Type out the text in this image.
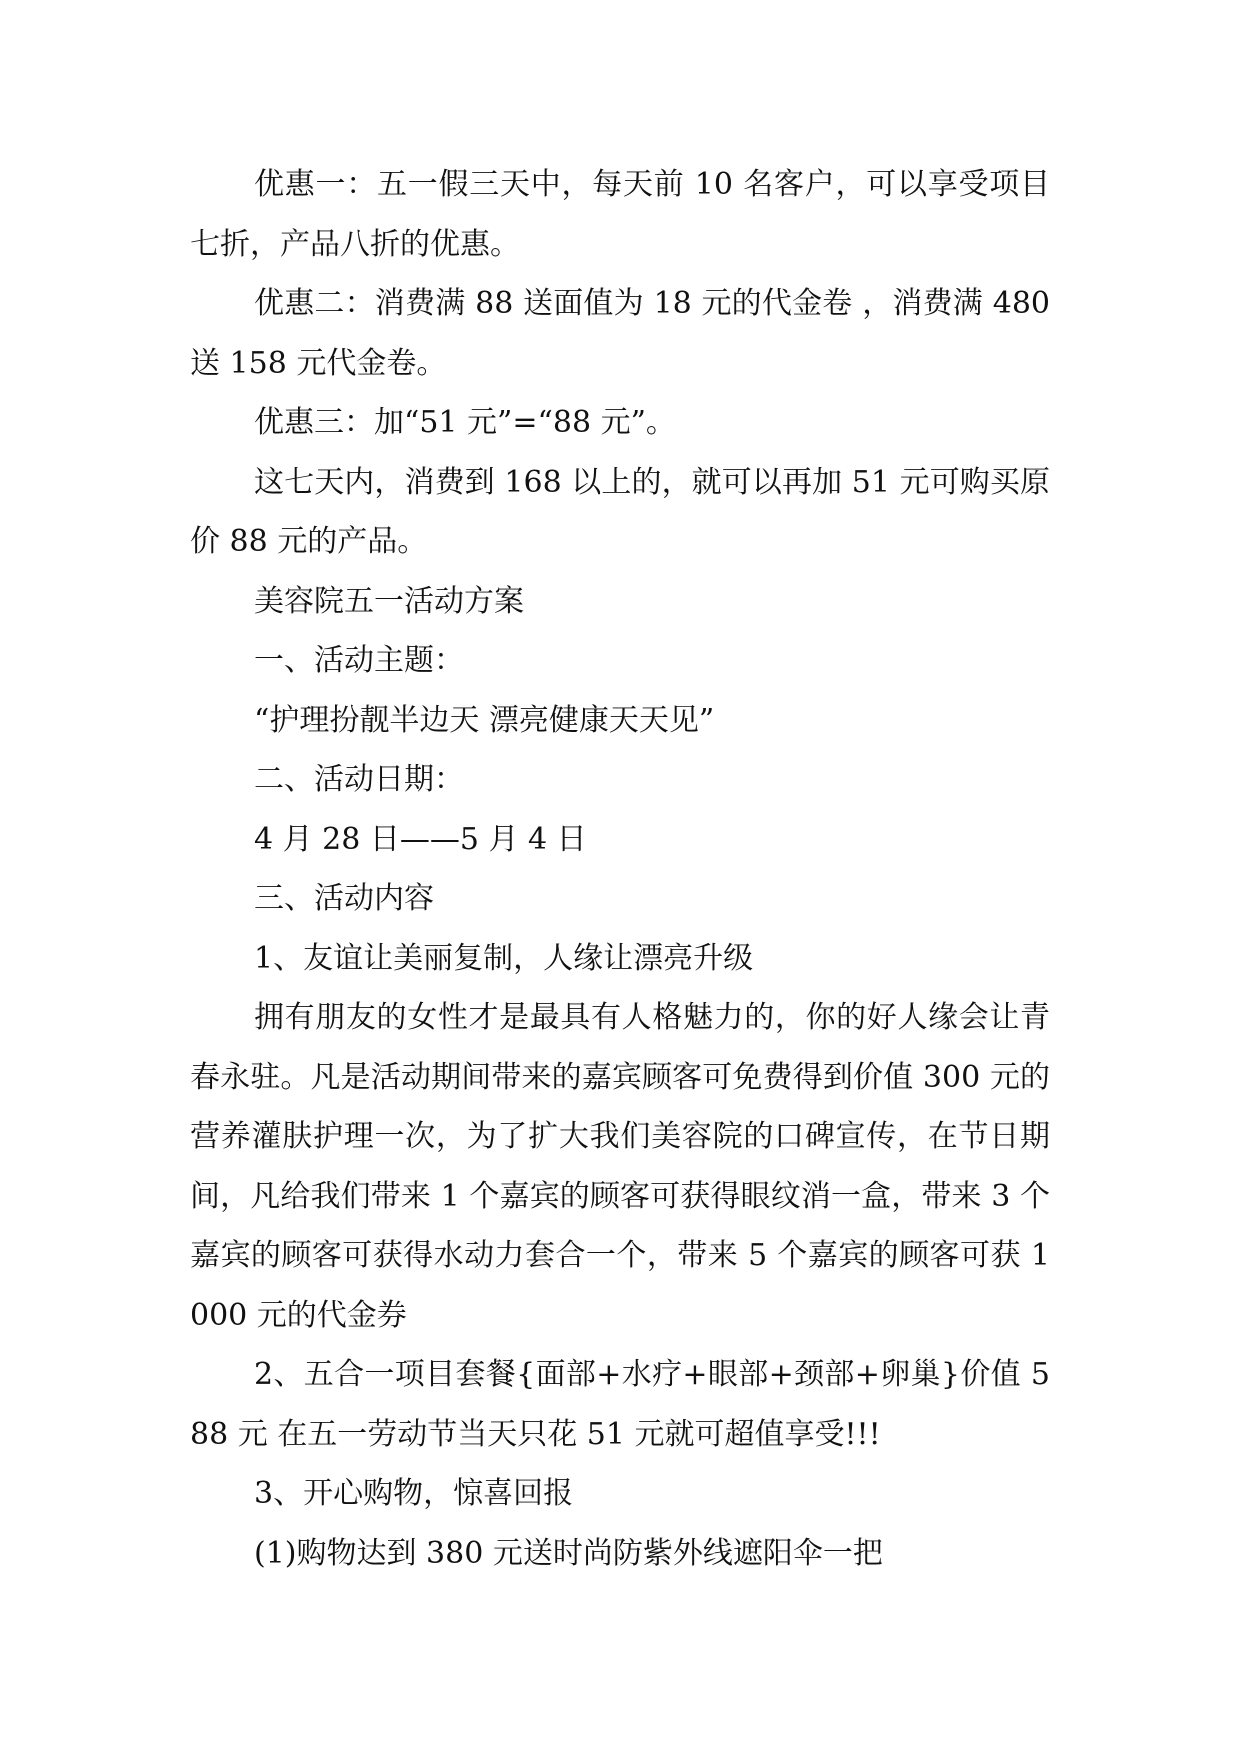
优惠一：五一假三天中，每天前 10 名客户，可以享受项目七折，产品八折的优惠。

优惠二：消费满 88 送面值为 18 元的代金卷 ，消费满 480 送 158 元代金卷。

优惠三：加“51 元”=“88 元”。

这七天内，消费到 168 以上的，就可以再加 51 元可购买原价 88 元的产品。

美容院五一活动方案

一、活动主题：

“护理扮靓半边天 漂亮健康天天见”

二、活动日期：

4 月 28 日——5 月 4 日

三、活动内容

1、友谊让美丽复制，人缘让漂亮升级

拥有朋友的女性才是最具有人格魅力的，你的好人缘会让青春永驻。凡是活动期间带来的嘉宾顾客可免费得到价值 300 元的营养灌肤护理一次，为了扩大我们美容院的口碑宣传，在节日期间，凡给我们带来 1 个嘉宾的顾客可获得眼纹消一盒，带来 3 个嘉宾的顾客可获得水动力套合一个，带来 5 个嘉宾的顾客可获 1000 元的代金券

2、五合一项目套餐{面部+水疗+眼部+颈部+卵巢}价值 588 元 在五一劳动节当天只花 51 元就可超值享受!!!

3、开心购物，惊喜回报

(1)购物达到 380 元送时尚防紫外线遮阳伞一把
